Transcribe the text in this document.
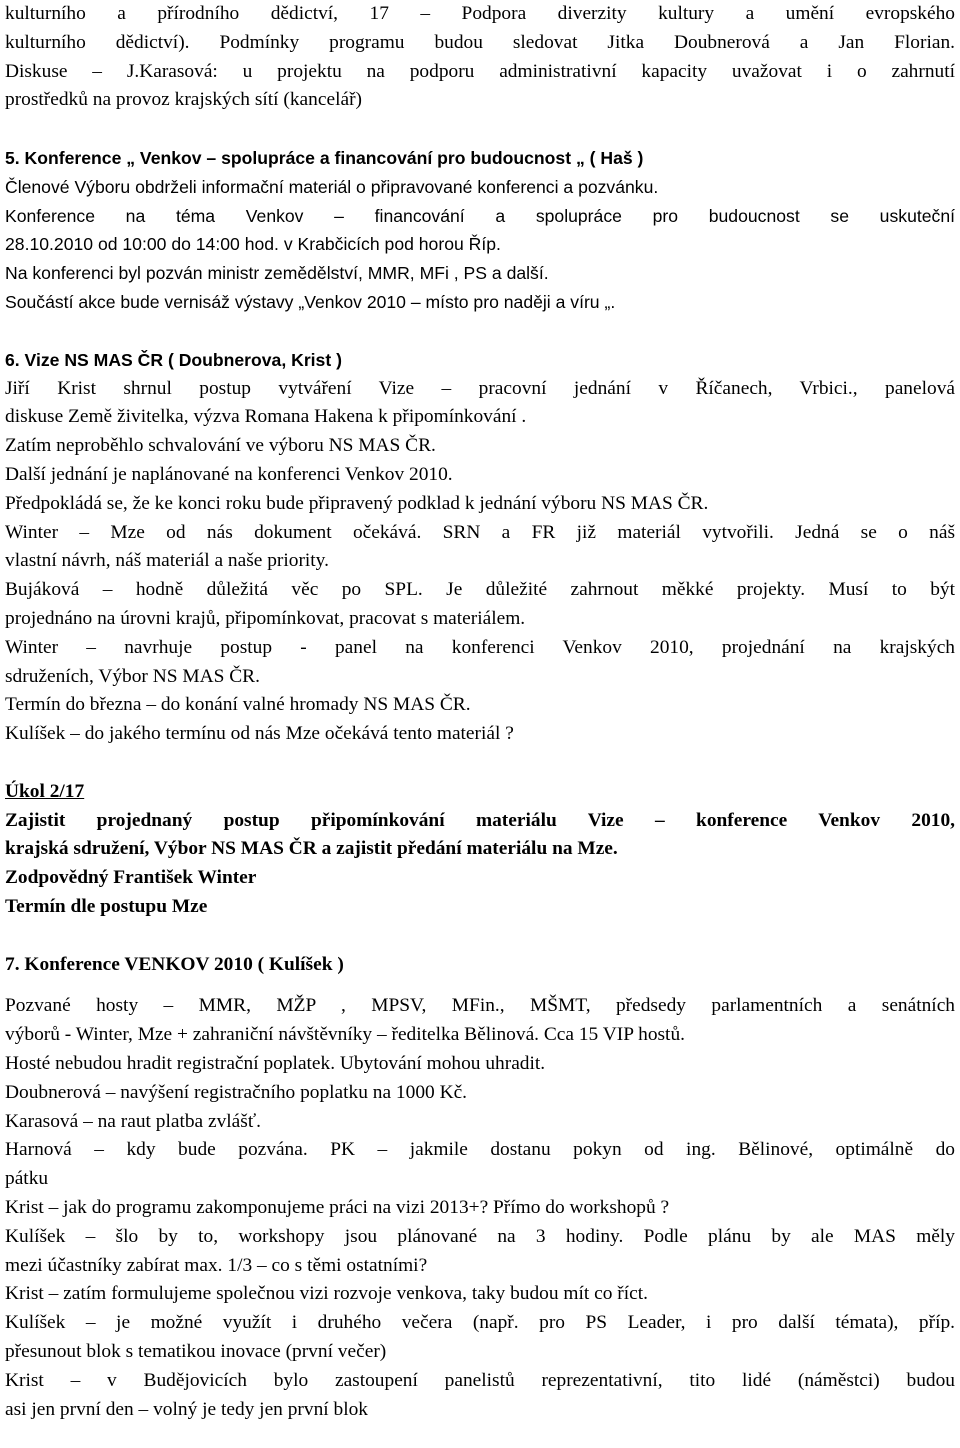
kulturního a přírodního dědictví, 17 – Podpora diverzity kultury a umění evropského
kulturního dědictví). Podmínky programu budou sledovat Jitka Doubnerová a Jan Florian.
Diskuse – J.Karasová: u projektu na podporu administrativní kapacity uvažovat i o zahrnutí
prostředků na provoz krajských sítí (kancelář)
5. Konference „ Venkov – spolupráce a financování pro budoucnost „ ( Haš )
Členové Výboru obdrželi informační materiál o připravované konferenci a pozvánku.
Konference na téma Venkov – financování a spolupráce pro budoucnost se uskuteční
28.10.2010 od 10:00 do 14:00 hod. v Krabčicích pod horou Říp.
Na konferenci byl pozván ministr zemědělství, MMR, MFi , PS a další.
Součástí akce bude vernisáž výstavy „Venkov 2010 – místo pro naději a víru „.
6. Vize NS MAS ČR ( Doubnerova, Krist )
Jiří Krist shrnul postup vytváření Vize – pracovní jednání v Říčanech, Vrbici., panelová
diskuse Země živitelka, výzva Romana Hakena k připomínkování .
Zatím neproběhlo schvalování ve výboru NS MAS ČR.
Další jednání je naplánované na konferenci Venkov 2010.
Předpokládá se, že ke konci roku bude připravený podklad k jednání výboru NS MAS ČR.
Winter – Mze od nás dokument očekává. SRN a FR již materiál vytvořili. Jedná se o náš
vlastní návrh, náš materiál a naše priority.
Bujáková – hodně důležitá věc po SPL. Je důležité zahrnout měkké projekty. Musí to být
projednáno na úrovni krajů, připomínkovat, pracovat s materiálem.
Winter – navrhuje postup - panel na konferenci Venkov 2010, projednání na krajských
sdruženích, Výbor NS MAS ČR.
Termín do března – do konání valné hromady NS MAS ČR.
Kulíšek – do jakého termínu od nás Mze očekává tento materiál ?
Úkol 2/17
Zajistit projednaný postup připomínkování materiálu Vize – konference Venkov 2010,
krajská sdružení, Výbor NS MAS ČR a zajistit předání materiálu na Mze.
Zodpovědný František Winter
Termín dle postupu Mze
7. Konference VENKOV 2010 ( Kulíšek )
Pozvané hosty – MMR, MŽP , MPSV, MFin., MŠMT, předsedy parlamentních a senátních
výborů - Winter, Mze + zahraniční návštěvníky – ředitelka Bělinová. Cca 15 VIP hostů.
Hosté nebudou hradit registrační poplatek. Ubytování mohou uhradit.
Doubnerová – navýšení registračního poplatku na 1000 Kč.
Karasová – na raut platba zvlášť.
Harnová – kdy bude pozvána. PK – jakmile dostanu pokyn od ing. Bělinové, optimálně do
pátku
Krist – jak do programu zakomponujeme práci na vizi 2013+? Přímo do workshopů ?
Kulíšek – šlo by to, workshopy jsou plánované na 3 hodiny. Podle plánu by ale MAS měly
mezi účastníky zabírat max. 1/3 – co s těmi ostatními?
Krist – zatím formulujeme společnou vizi rozvoje venkova, taky budou mít co říct.
Kulíšek – je možné využít i druhého večera (např. pro PS Leader, i pro další témata), příp.
přesunout blok s tematikou inovace (první večer)
Krist – v Budějovicích bylo zastoupení panelistů reprezentativní, tito lidé (náměstci) budou
asi jen první den – volný je tedy jen první blok
